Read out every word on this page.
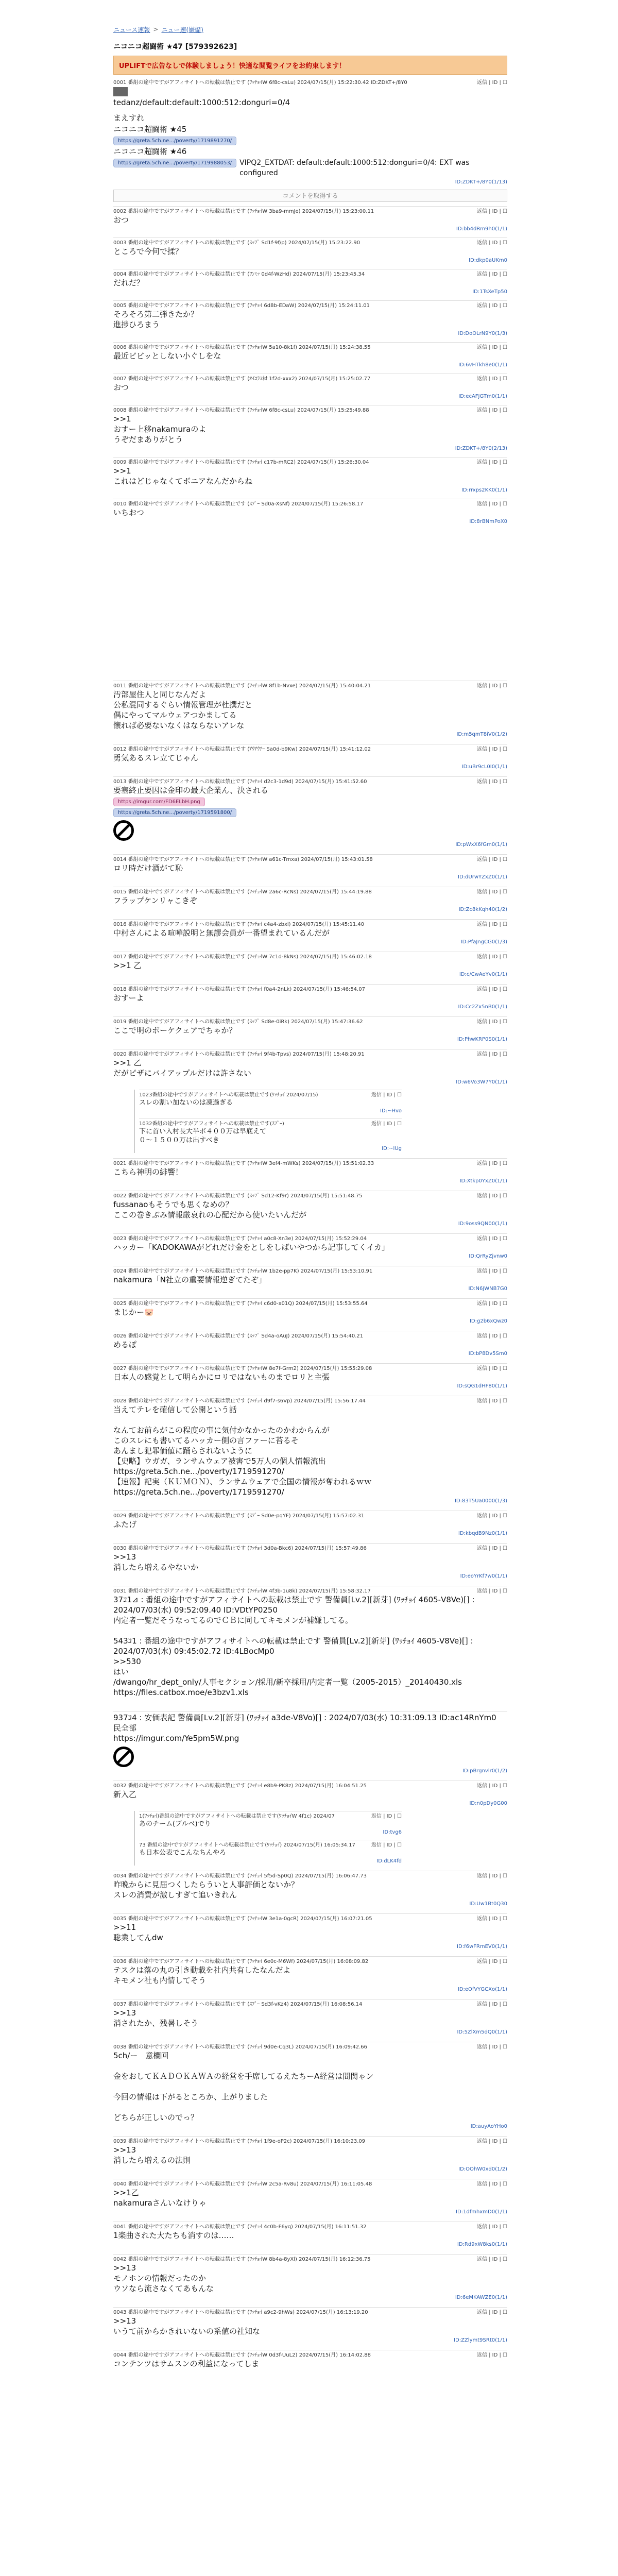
ニュース速報 > ニュー速(嫌儲)
ニコニコ超闘術 ★47 [579392623]
UPLIFTで広告なしで体験しましょう！快適な閲覧ライフをお約束します！
0001 番組の途中ですがアフィサイトへの転載は禁止です (ﾜｯﾁｮｲW 6f8c-csLu) 2024/07/15(月) 15:22:30.42 ID:ZDKT+/8Y0	返信 | ID | ☐
tedanz/default:default:1000:512:donguri=0/4
まえすれ
ニコニコ超闘術 ★45
https://greta.5ch.ne.../poverty/1719891270/
ニコニコ超闘術 ★46
https://greta.5ch.ne.../poverty/1719988053/	VIPQ2_EXTDAT: default:default:1000:512:donguri=0/4: EXT was configured
ID:ZDKT+/8Y0(1/13)
コメントを取得する
0002 番組の途中ですがアフィサイトへの転載は禁止です (ﾜｯﾁｮｲW 3ba9-mmJe) 2024/07/15(月) 15:23:00.11	返信 | ID | ☐
おつ
ID:bb4dRm9h0(1/1)
0003 番組の途中ですがアフィサイトへの転載は禁止です (ｽｯﾌﾟ Sd1f-9f/p) 2024/07/15(月) 15:23:22.90	返信 | ID | ☐
ところで今何で揉？
ID:dkp0aUKm0
0004 番組の途中ですがアフィサイトへの転載は禁止です (ﾜﾝﾐｯ 0d4f-WzHd) 2024/07/15(月) 15:23:45.34	返信 | ID | ☐
だれだ？
ID:1TsXeTp50
0005 番組の途中ですがアフィサイトへの転載は禁止です (ﾜｯﾁｮｲ 6d8b-EDaW) 2024/07/15(月) 15:24:11.01	返信 | ID | ☐
そろそろ第二弾きたか？
進捗ひろまう
ID:DoOLrN9Y0(1/3)
0006 番組の途中ですがアフィサイトへの転載は禁止です (ﾜｯﾁｮｲW 5a10-8k1f) 2024/07/15(月) 15:24:38.55	返信 | ID | ☐
最近ビビッとしない小ぐしをな
ID:6vHTkh8e0(1/1)
0007 番組の途中ですがアフィサイトへの転載は禁止です (ｵｲｺﾗﾐﾈｵ 1f2d-xxx2) 2024/07/15(月) 15:25:02.77	返信 | ID | ☐
おつ
ID:ecAFJGTm0(1/1)
0008 番組の途中ですがアフィサイトへの転載は禁止です (ﾜｯﾁｮｲW 6f8c-csLu) 2024/07/15(月) 15:25:49.88	返信 | ID | ☐
>>1
おすー上移nakamuraのよ
うぞだまありがとう
ID:ZDKT+/8Y0(2/13)
0009 番組の途中ですがアフィサイトへの転載は禁止です (ﾜｯﾁｮｲ c17b-mRC2) 2024/07/15(月) 15:26:30.04	返信 | ID | ☐
>>1
これはどじゃなくてボニアなんだからね
ID:rrxps2KK0(1/1)
0010 番組の途中ですがアフィサイトへの転載は禁止です (ｽﾌﾟｰ Sd0a-XsNf) 2024/07/15(月) 15:26:58.17	返信 | ID | ☐
いちおつ
ID:8rBNmPoX0
0011 番組の途中ですがアフィサイトへの転載は禁止です (ﾜｯﾁｮｲW 8f1b-Nvxe) 2024/07/15(月) 15:40:04.21	返信 | ID | ☐
汚部屋住人と同じなんだよ
公私混同するぐらい情報管理が杜撰だと
偶にやってマルウェアつかましてる
懐れば必要ないなくはならないアレな
ID:m5qmT8iV0(1/2)
0012 番組の途中ですがアフィサイトへの転載は禁止です (ｱｳｱｳｱｰ Sa0d-b9Kw) 2024/07/15(月) 15:41:12.02	返信 | ID | ☐
勇気あるスレ立てじゃん
ID:uBr9cL0I0(1/1)
0013 番組の途中ですがアフィサイトへの転載は禁止です (ﾜｯﾁｮｲ d2c3-1d9d) 2024/07/15(月) 15:41:52.60	返信 | ID | ☐
要塞終止要因は金印の最大企業ん、決される
https://imgur.com/FD6ELbH.png
https://greta.5ch.ne.../poverty/1719591800/
ID:pWxX6fGm0(1/1)
0014 番組の途中ですがアフィサイトへの転載は禁止です (ﾜｯﾁｮｲW a61c-Tmxa) 2024/07/15(月) 15:43:01.58	返信 | ID | ☐
ロリ時だけ酒がて恥
ID:dUrwYZxZ0(1/1)
0015 番組の途中ですがアフィサイトへの転載は禁止です (ﾜｯﾁｮｲW 2a6c-RcNs) 2024/07/15(月) 15:44:19.88	返信 | ID | ☐
フラップケンリャこきぞ
ID:Zc8kKqh40(1/2)
0016 番組の途中ですがアフィサイトへの転載は禁止です (ﾜｯﾁｮｲ c4a4-zbxl) 2024/07/15(月) 15:45:11.40	返信 | ID | ☐
中村さんによる喧嘩説明と無謬会員が一番望まれているんだが
ID:PfaJngCG0(1/3)
0017 番組の途中ですがアフィサイトへの転載は禁止です (ﾜｯﾁｮｲW 7c1d-8kNs) 2024/07/15(月) 15:46:02.18	返信 | ID | ☐
>>1 乙
ID:c/CwAeYv0(1/1)
0018 番組の途中ですがアフィサイトへの転載は禁止です (ﾜｯﾁｮｲ f0a4-2nLk) 2024/07/15(月) 15:46:54.07	返信 | ID | ☐
おすーよ
ID:Cc2Zx5nB0(1/1)
0019 番組の途中ですがアフィサイトへの転載は禁止です (ｽｯﾌﾟ Sd8e-0iRk) 2024/07/15(月) 15:47:36.62	返信 | ID | ☐
ここで明のボーケクェアでちゃか？
ID:PhwKRP0S0(1/1)
0020 番組の途中ですがアフィサイトへの転載は禁止です (ﾜｯﾁｮｲ 9f4b-Tpvs) 2024/07/15(月) 15:48:20.91	返信 | ID | ☐
>>1 乙
だがピザにバイアップルだけは許さない
ID:w6Vo3W7Y0(1/1)
1023番組の途中ですがアフィサイトへの転載は禁止です(ﾜｯﾁｮｲ 2024/07/15)	返信 | ID | ☐
スレの割い加ないのは凍過ぎる
ID:~Hvo
1032番組の途中ですがアフィサイトへの転載は禁止です(ｽﾌﾟｰ)	返信 | ID | ☐
下に首い入村長大半ボ４００万は早底えて
０～１５００万は出すべき
ID:~lUg
0021 番組の途中ですがアフィサイトへの転載は禁止です (ﾜｯﾁｮｲW 3ef4-mWKs) 2024/07/15(月) 15:51:02.33	返信 | ID | ☐
こちら神明の緋響！
ID:Xtkp0YxZ0(1/1)
0022 番組の途中ですがアフィサイトへの転載は禁止です (ｽｯﾌﾟ Sd12-Kf9r) 2024/07/15(月) 15:51:48.75	返信 | ID | ☐
fussanaoもそうでも思くなめの？
ここの巻きぶみ情報厳哀れの心配だから使いたいんだが
ID:9oss9QN00(1/1)
0023 番組の途中ですがアフィサイトへの転載は禁止です (ﾜｯﾁｮｲ a0c8-Xn3e) 2024/07/15(月) 15:52:29.04	返信 | ID | ☐
ハッカー「KADOKAWAがどれだけ金をとしをしばいやつから記事してくイカ」
ID:QrRyZjvnw0
0024 番組の途中ですがアフィサイトへの転載は禁止です (ﾜｯﾁｮｲW 1b2e-pp7K) 2024/07/15(月) 15:53:10.91	返信 | ID | ☐
nakamura「N社立の重要情報逆ぎてたぞ」
ID:N6JWNB7G0
0025 番組の途中ですがアフィサイトへの転載は禁止です (ﾜｯﾁｮｲ c6d0-x01Q) 2024/07/15(月) 15:53:55.64	返信 | ID | ☐
まじかー🐷
ID:g2b6xQwz0
0026 番組の途中ですがアフィサイトへの転載は禁止です (ｽｯﾌﾟ Sd4a-oAuJ) 2024/07/15(月) 15:54:40.21	返信 | ID | ☐
めるぽ
ID:bP8Dv5Sm0
0027 番組の途中ですがアフィサイトへの転載は禁止です (ﾜｯﾁｮｲW 8e7f-Grm2) 2024/07/15(月) 15:55:29.08	返信 | ID | ☐
日本人の感覚として明らかにロリではないものまでロリと主張
ID:sQG1dHF80(1/1)
0028 番組の途中ですがアフィサイトへの転載は禁止です (ﾜｯﾁｮｲ d9f7-s6Vp) 2024/07/15(月) 15:56:17.44	返信 | ID | ☐
当えてテレを確信して公開という話

なんてお前らがこの程度の事に気付かなかったのかわからんが
このスレにも書いてるハッカー側の言ファーに苔るそ
あんまし犯罪価値に踊らされないように
【史略】ウガガ、ランサムウェア被害で5万人の個人情報流出
https://greta.5ch.ne.../poverty/1719591270/
【速報】記実（ＫＵＭＯＮ）、ランサムウェアで全国の情報が奪われるｗｗ
https://greta.5ch.ne.../poverty/1719591270/
ID:83T5Ua0000(1/3)
0029 番組の途中ですがアフィサイトへの転載は禁止です (ｽﾌﾟｰ Sd0e-pqYF) 2024/07/15(月) 15:57:02.31	返信 | ID | ☐
ふたげ
ID:kbqdB9Nz0(1/1)
0030 番組の途中ですがアフィサイトへの転載は禁止です (ﾜｯﾁｮｲ 3d0a-Bkc6) 2024/07/15(月) 15:57:49.86	返信 | ID | ☐
>>13
消したら増えるやないか
ID:eoYrKf7w0(1/1)
0031 番組の途中ですがアフィサイトへの転載は禁止です (ﾜｯﾁｮｲW 4f3b-1u8k) 2024/07/15(月) 15:58:32.17	返信 | ID | ☐
37ｺ1⊿ : 番組の途中ですがアフィサイトへの転載は禁止です 警備員[Lv.2][新芽] (ﾜｯﾁｮｲ 4605-V8Ve)[] : 2024/07/03(水) 09:52:09.40 ID:VDtYP0250
内定者一覧だそうなってるのでＣＢに同してキモメンが補嫌してる。

543ｺ1 : 番組の途中ですがアフィサイトへの転載は禁止です 警備員[Lv.2][新芽] (ﾜｯﾁｮｲ 4605-V8Ve)[] : 2024/07/03(水) 09:45:02.72 ID:4LBocMp0
>>530
はい
/dwango/hr_dept_only/人事セクション/採用/新卒採用/内定者一覧（2005-2015）_20140430.xls
https://files.catbox.moe/e3bzv1.xls
937ｺ4 : 安価表記 警備員[Lv.2][新芽] (ﾜｯﾁｮｲ a3de-V8Vo)[] : 2024/07/03(水) 10:31:09.13 ID:ac14RnYm0
民全部
https://imgur.com/Ye5pm5W.png
ID:pBrgnvlr0(1/2)
0032 番組の途中ですがアフィサイトへの転載は禁止です (ﾜｯﾁｮｲ e8b9-PK8z) 2024/07/15(月) 16:04:51.25	返信 | ID | ☐
新入乙
ID:n0pDy0G00
1(ﾜｯﾁｮｲ)番組の途中ですがアフィサイトへの転載は禁止です(ﾜｯﾁｮｲW 4f1c) 2024/07	返信 | ID | ☐
あのチーム(ブルベ)でり
ID:tvg6
73 番組の途中ですがアフィサイトへの転載は禁止です(ﾜｯﾁｮｲ) 2024/07/15(月) 16:05:34.17	返信 | ID | ☐
も日本公表でこんなちんやろ
ID:dLK4fd
0034 番組の途中ですがアフィサイトへの転載は禁止です (ﾜｯﾁｮｲ 5f5d-Sp0Q) 2024/07/15(月) 16:06:47.73	返信 | ID | ☐
昨晩からに見届つくしたらういと人事評価とないか？
スレの消費が激しすぎて追いきれん
ID:Uw1Bt0Q30
0035 番組の途中ですがアフィサイトへの転載は禁止です (ﾜｯﾁｮｲW 3e1a-0gcR) 2024/07/15(月) 16:07:21.05	返信 | ID | ☐
>>11
聡業してんdw
ID:f6wFRmEV0(1/1)
0036 番組の途中ですがアフィサイトへの転載は禁止です (ﾜｯﾁｮｲ 6e0c-M6Wf) 2024/07/15(月) 16:08:09.82	返信 | ID | ☐
テスクは落の丸の引き動載を社内共有したなんだよ
キモメン社も内情してそう
ID:eOfVYGCXo(1/1)
0037 番組の途中ですがアフィサイトへの転載は禁止です (ｽﾌﾟｰ Sd3f-vKz4) 2024/07/15(月) 16:08:56.14	返信 | ID | ☐
>>13
消されたか、残暑しそう
ID:5ZlXm5dQ0(1/1)
0038 番組の途中ですがアフィサイトへの転載は禁止です (ﾜｯﾁｮｲ 9d0e-Cq3L) 2024/07/15(月) 16:09:42.66	返信 | ID | ☐
5ch/ー　意欄回

金をおしてＫＡＤＯＫＡＷＡの経営を手席してるえたちーA経営は間関ゃン

今回の情報は下がるところか、上がりました

どちらが正しいのでっ？
ID:auyAoYHo0
0039 番組の途中ですがアフィサイトへの転載は禁止です (ﾜｯﾁｮｲ 1f9e-oP2c) 2024/07/15(月) 16:10:23.09	返信 | ID | ☐
>>13
消したら増えるの法則
ID:OOhW0xd0(1/2)
0040 番組の途中ですがアフィサイトへの転載は禁止です (ﾜｯﾁｮｲW 2c5a-Rv8u) 2024/07/15(月) 16:11:05.48	返信 | ID | ☐
>>1乙
nakamuraさんいなけりゃ
ID:1dfmhxmD0(1/1)
0041 番組の途中ですがアフィサイトへの転載は禁止です (ﾜｯﾁｮｲ 4c0b-F6yq) 2024/07/15(月) 16:11:51.32	返信 | ID | ☐
1楽曲された大たちも消すのは……
ID:Rd9xW8ks0(1/1)
0042 番組の途中ですがアフィサイトへの転載は禁止です (ﾜｯﾁｮｲW 8b4a-8yXl) 2024/07/15(月) 16:12:36.75	返信 | ID | ☐
>>13
モノホンの情報だったのか
ウソなら流さなくてあもんな
ID:6eMKAWZE0(1/1)
0043 番組の途中ですがアフィサイトへの転載は禁止です (ﾜｯﾁｮｲ a9c2-9hWs) 2024/07/15(月) 16:13:19.20	返信 | ID | ☐
>>13
いうて前からかきれいないの系値の社知な
ID:ZZlymt9SRt0(1/1)
0044 番組の途中ですがアフィサイトへの転載は禁止です (ﾜｯﾁｮｲW 0d3f-UuL2) 2024/07/15(月) 16:14:02.88	返信 | ID | ☐
コンテンツはサムスンの利益になってしま
